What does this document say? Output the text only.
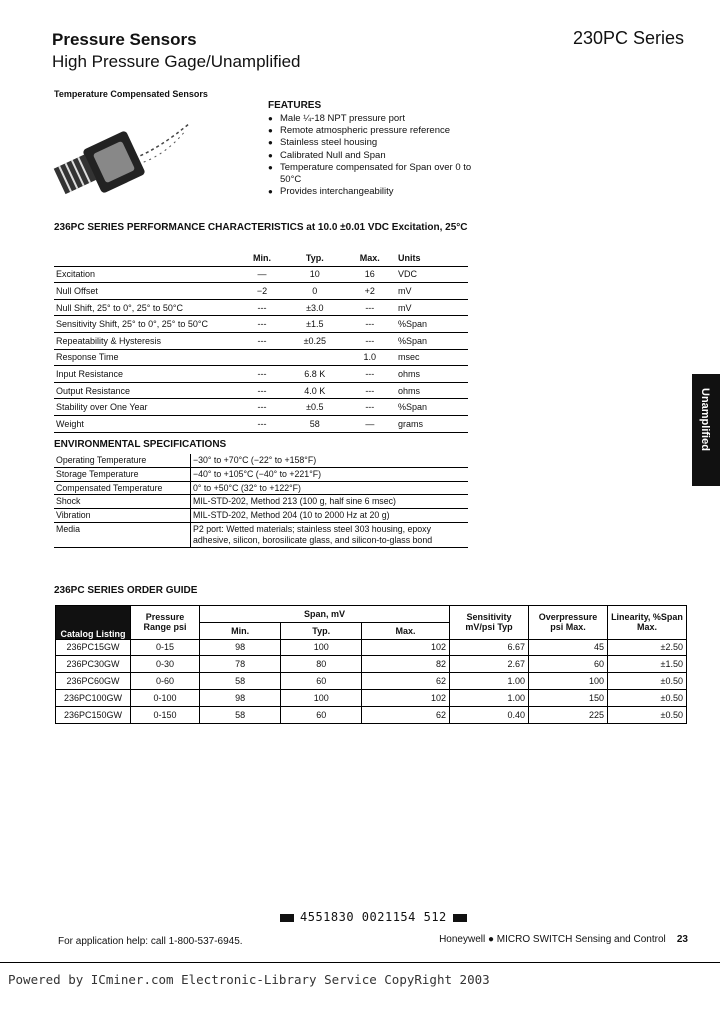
Pressure Sensors
High Pressure Gage/Unamplified
230PC Series
Temperature Compensated Sensors
FEATURES
● Male ¼-18 NPT pressure port
● Remote atmospheric pressure reference
● Stainless steel housing
● Calibrated Null and Span
● Temperature compensated for Span over 0 to 50°C
● Provides interchangeability
236PC SERIES PERFORMANCE CHARACTERISTICS at 10.0 ±0.01 VDC Excitation, 25°C
	Min.	Typ.	Max.	Units
Excitation	—	10	16	VDC
Null Offset	−2	0	+2	mV
Null Shift, 25° to 0°, 25° to 50°C	---	±3.0	---	mV
Sensitivity Shift, 25° to 0°, 25° to 50°C	---	±1.5	---	%Span
Repeatability & Hysteresis	---	±0.25	---	%Span
Response Time			1.0	msec
Input Resistance	---	6.8 K	---	ohms
Output Resistance	---	4.0 K	---	ohms
Stability over One Year	---	±0.5	---	%Span
Weight	---	58	—	grams
ENVIRONMENTAL SPECIFICATIONS
Operating Temperature	−30° to +70°C (−22° to +158°F)
Storage Temperature	−40° to +105°C (−40° to +221°F)
Compensated Temperature	0° to +50°C (32° to +122°F)
Shock	MIL-STD-202, Method 213 (100 g, half sine 6 msec)
Vibration	MIL-STD-202, Method 204 (10 to 2000 Hz at 20 g)
Media	P2 port: Wetted materials; stainless steel 303 housing, epoxy adhesive, silicon, borosilicate glass, and silicon-to-glass bond
236PC SERIES ORDER GUIDE
Catalog Listing	Pressure Range psi	Span, mV			Sensitivity mV/psi Typ	Overpressure psi Max.	Linearity, %Span Max.
		Min.	Typ.	Max.			
236PC15GW	0-15	98	100	102	6.67	45	±2.50
236PC30GW	0-30	78	80	82	2.67	60	±1.50
236PC60GW	0-60	58	60	62	1.00	100	±0.50
236PC100GW	0-100	98	100	102	1.00	150	±0.50
236PC150GW	0-150	58	60	62	0.40	225	±0.50
Unamplified
4551830 0021154 512
For application help: call 1-800-537-6945.	Honeywell ● MICRO SWITCH Sensing and Control 23
Powered by ICminer.com Electronic-Library Service CopyRight 2003
